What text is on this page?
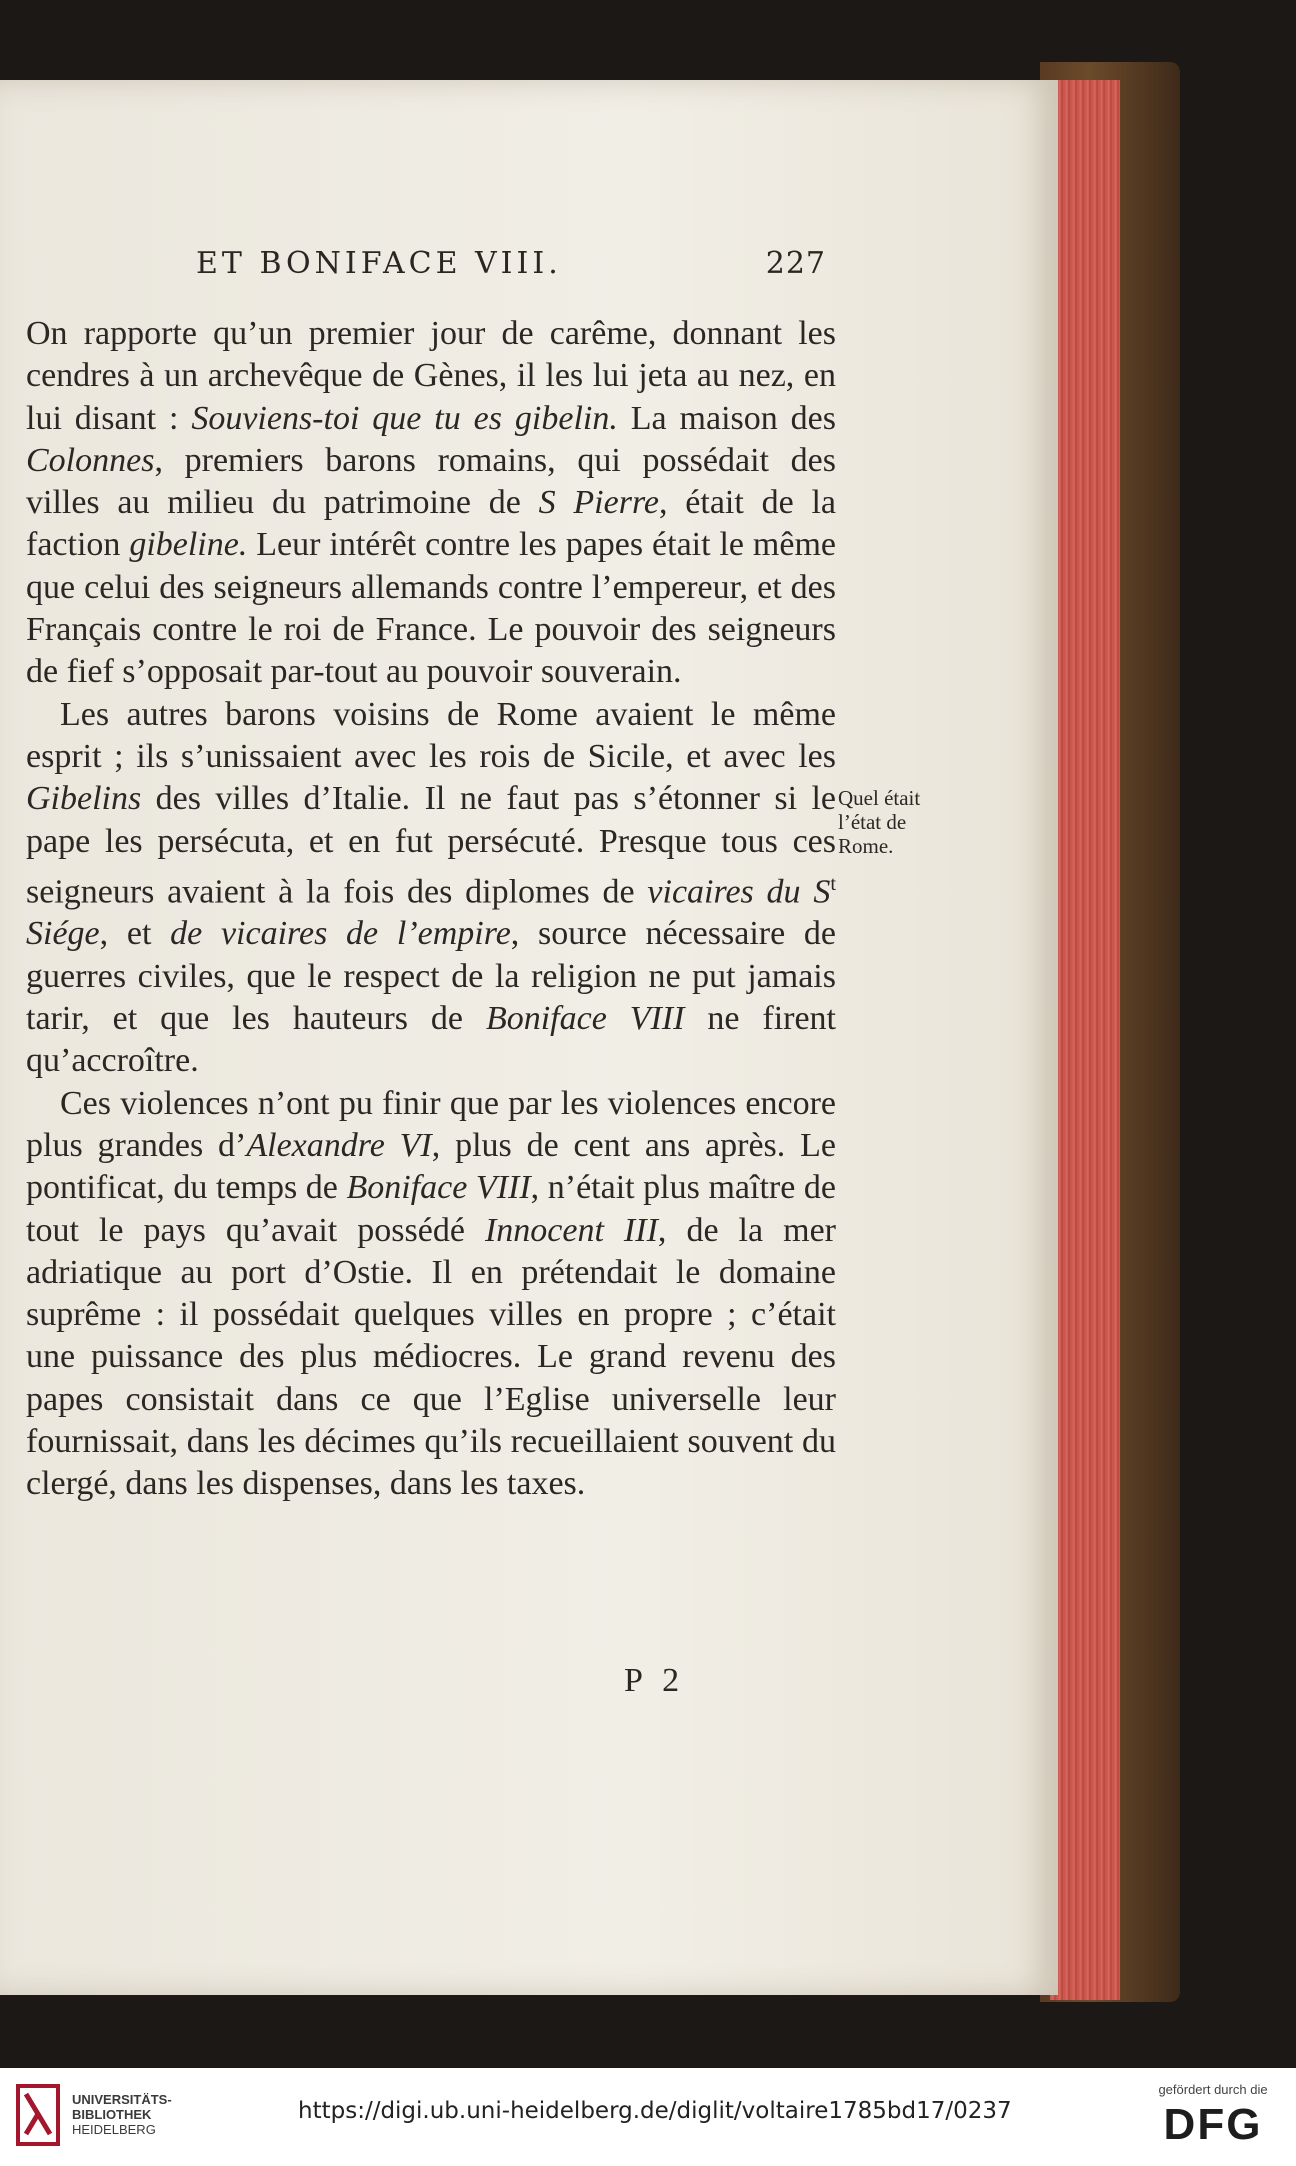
ET BONIFACE VIII.	227

On rapporte qu’un premier jour de carême, donnant les cendres à un archevêque de Gènes, il les lui jeta au nez, en lui disant : Souviens-toi que tu es gibelin. La maison des Colonnes, premiers barons romains, qui possédait des villes au milieu du patrimoine de S Pierre, était de la faction gibeline. Leur intérêt contre les papes était le même que celui des seigneurs allemands contre l’empereur, et des Français contre le roi de France. Le pouvoir des seigneurs de fief s’opposait par-tout au pouvoir souverain.

Les autres barons voisins de Rome avaient le même esprit ; ils s’unissaient avec les rois de Sicile, et avec les Gibelins des villes d’Italie. Il ne faut pas s’étonner si le pape les persécuta, et en fut persécuté. Presque tous ces seigneurs avaient à la fois des diplomes de vicaires du $S^t$ Siége, et de vicaires de l’empire, source nécessaire de guerres civiles, que le respect de la religion ne put jamais tarir, et que les hauteurs de Boniface VIII ne firent qu’accroître.

Ces violences n’ont pu finir que par les violences encore plus grandes d’Alexandre VI, plus de cent ans après. Le pontificat, du temps de Boniface VIII, n’était plus maître de tout le pays qu’avait possédé Innocent III, de la mer adriatique au port d’Ostie. Il en prétendait le domaine suprême : il possédait quelques villes en propre ; c’était une puissance des plus médiocres. Le grand revenu des papes consistait dans ce que l’Eglise universelle leur fournissait, dans les décimes qu’ils recueillaient souvent du clergé, dans les dispenses, dans les taxes.

Quel était l’état de Rome.
P 2
UNIVERSITÄTS-
BIBLIOTHEK
HEIDELBERG
https://digi.ub.uni-heidelberg.de/diglit/voltaire1785bd17/0237
gefördert durch die
DFG
